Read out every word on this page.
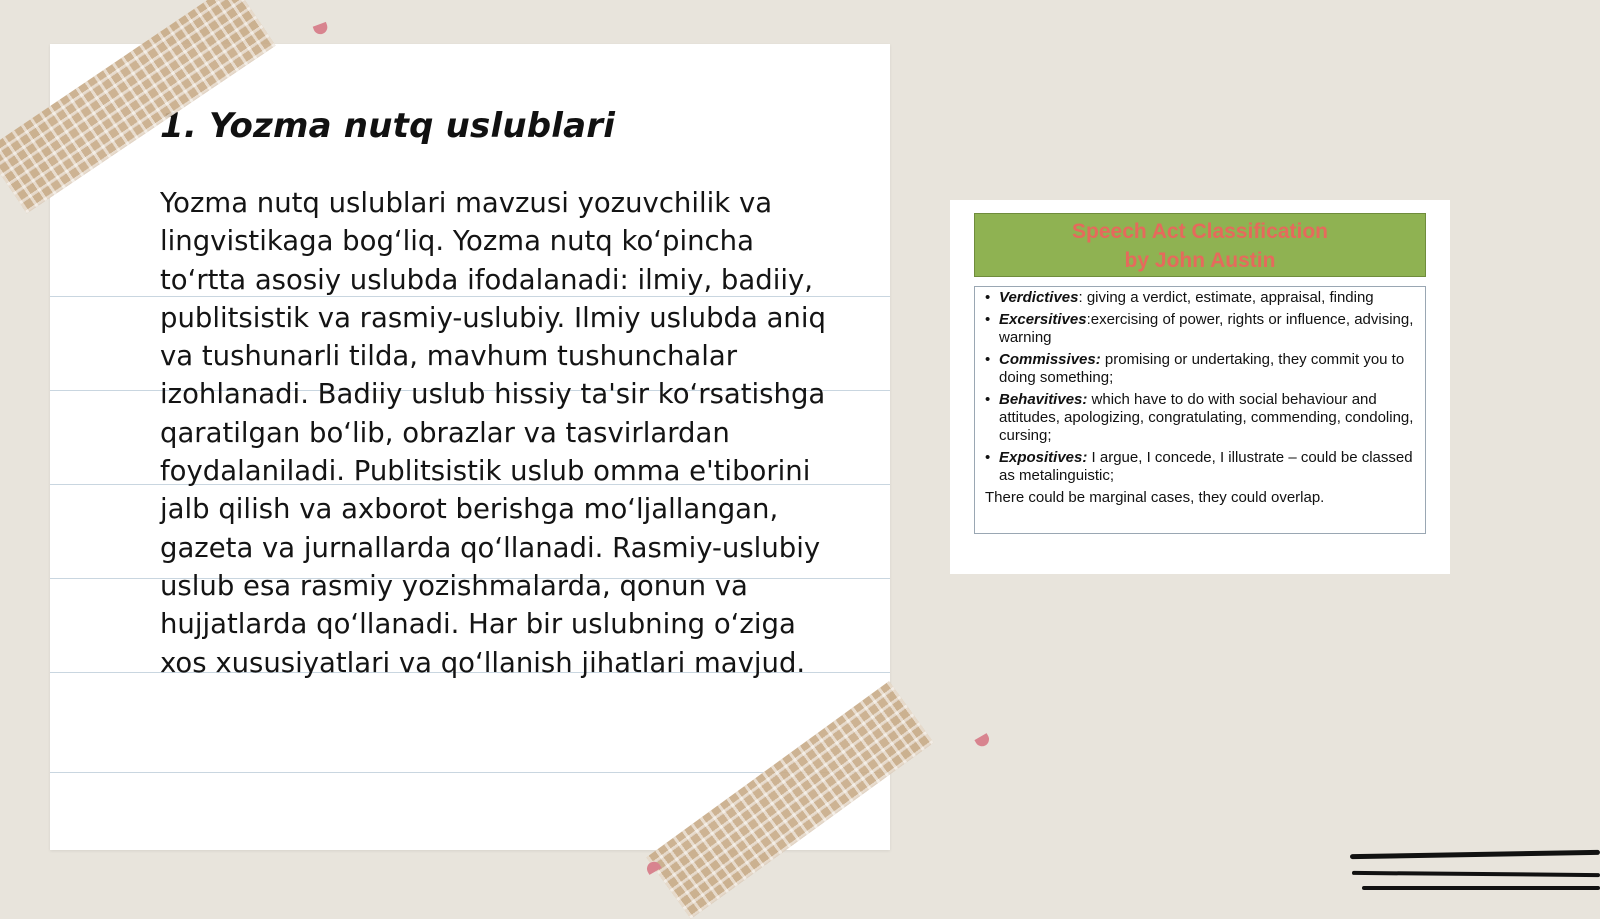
1. Yozma nutq uslublari

Yozma nutq uslublari mavzusi yozuvchilik va lingvistikaga bog‘liq. Yozma nutq ko‘pincha to‘rtta asosiy uslubda ifodalanadi: ilmiy, badiiy, publitsistik va rasmiy-uslubiy. Ilmiy uslubda aniq va tushunarli tilda, mavhum tushunchalar izohlanadi. Badiiy uslub hissiy ta'sir ko‘rsatishga qaratilgan bo‘lib, obrazlar va tasvirlardan foydalaniladi. Publitsistik uslub omma e'tiborini jalb qilish va axborot berishga mo‘ljallangan, gazeta va jurnallarda qo‘llanadi. Rasmiy-uslubiy uslub esa rasmiy yozishmalarda, qonun va hujjatlarda qo‘llanadi. Har bir uslubning o‘ziga xos xususiyatlari va qo‘llanish jihatlari mavjud.

Speech Act Classification
by John Austin
• Verdictives: giving a verdict, estimate, appraisal, finding
• Excersitives:exercising of power, rights or influence, advising, warning
• Commissives: promising or undertaking, they commit you to doing something;
• Behavitives: which have to do with social behaviour and attitudes, apologizing, congratulating, commending, condoling, cursing;
• Expositives: I argue, I concede, I illustrate – could be classed as metalinguistic;
There could be marginal cases, they could overlap.
